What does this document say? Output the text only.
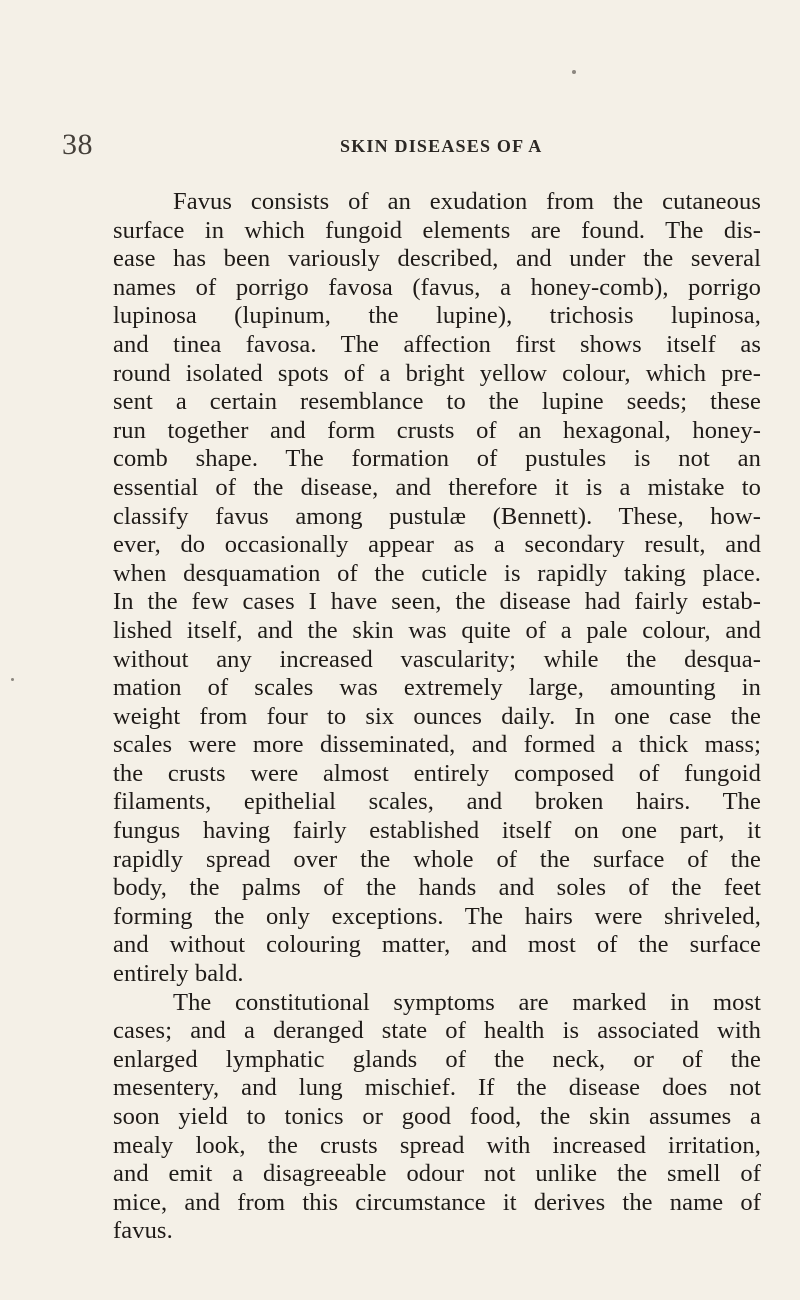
38	SKIN DISEASES OF A
Favus consists of an exudation from the cutaneous
surface in which fungoid elements are found. The dis-
ease has been variously described, and under the several
names of porrigo favosa (favus, a honey-comb), porrigo
lupinosa (lupinum, the lupine), trichosis lupinosa,
and tinea favosa. The affection first shows itself as
round isolated spots of a bright yellow colour, which pre-
sent a certain resemblance to the lupine seeds; these
run together and form crusts of an hexagonal, honey-
comb shape. The formation of pustules is not an
essential of the disease, and therefore it is a mistake to
classify favus among pustulæ (Bennett). These, how-
ever, do occasionally appear as a secondary result, and
when desquamation of the cuticle is rapidly taking place.
In the few cases I have seen, the disease had fairly estab-
lished itself, and the skin was quite of a pale colour, and
without any increased vascularity; while the desqua-
mation of scales was extremely large, amounting in
weight from four to six ounces daily. In one case the
scales were more disseminated, and formed a thick mass;
the crusts were almost entirely composed of fungoid
filaments, epithelial scales, and broken hairs. The
fungus having fairly established itself on one part, it
rapidly spread over the whole of the surface of the
body, the palms of the hands and soles of the feet
forming the only exceptions. The hairs were shriveled,
and without colouring matter, and most of the surface
entirely bald.
The constitutional symptoms are marked in most
cases; and a deranged state of health is associated with
enlarged lymphatic glands of the neck, or of the
mesentery, and lung mischief. If the disease does not
soon yield to tonics or good food, the skin assumes a
mealy look, the crusts spread with increased irritation,
and emit a disagreeable odour not unlike the smell of
mice, and from this circumstance it derives the name of
favus.
